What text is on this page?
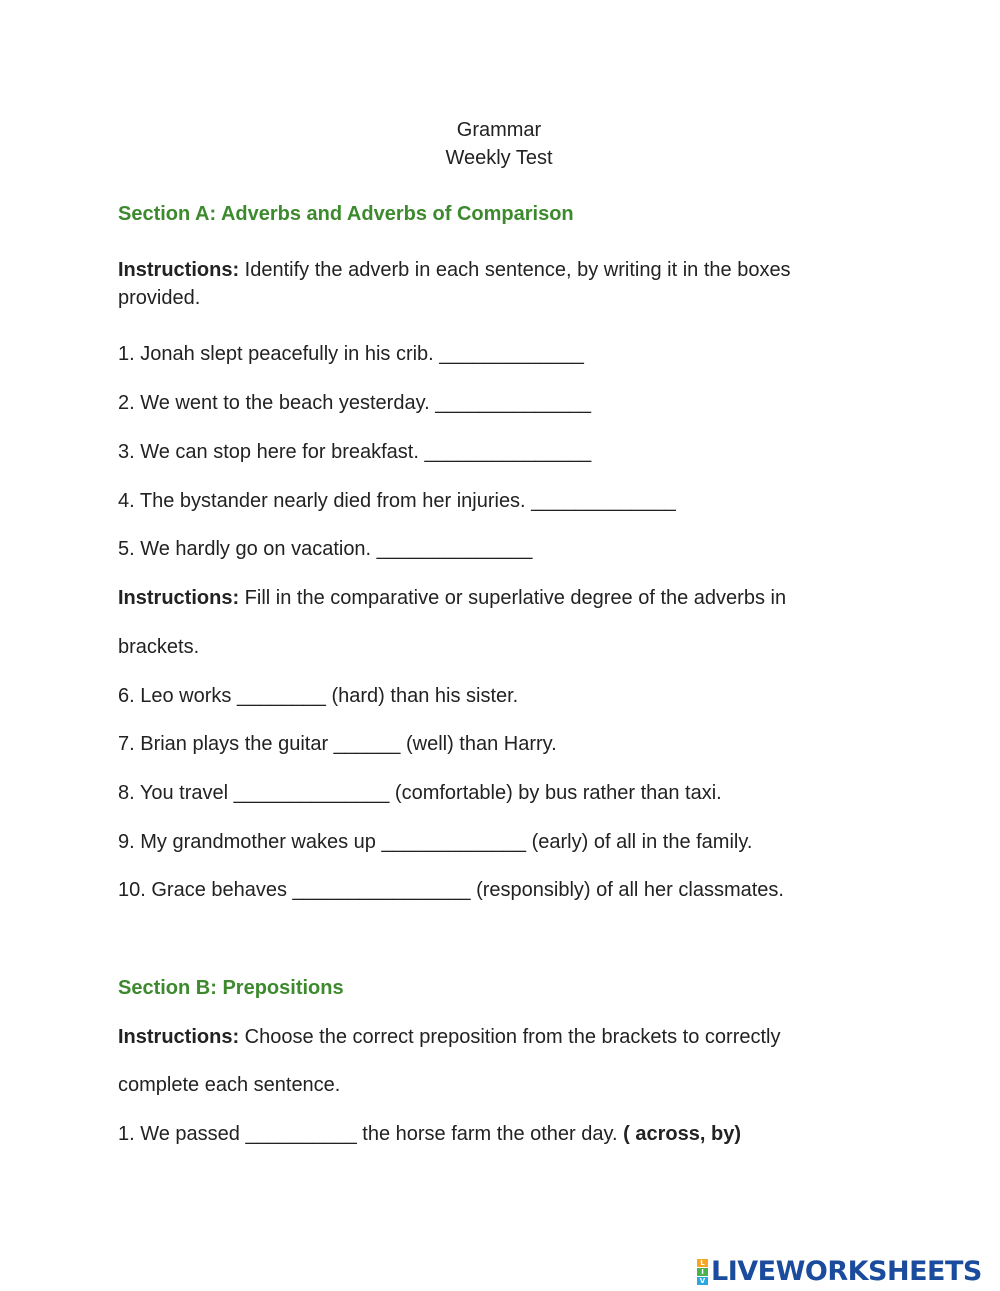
Grammar
Weekly Test
Section A: Adverbs and Adverbs of Comparison
Instructions: Identify the adverb in each sentence, by writing it in the boxes provided.
1. Jonah slept peacefully in his crib. _____________
2. We went to the beach yesterday. ______________
3. We can stop here for breakfast. _______________
4. The bystander nearly died from her injuries. _____________
5. We hardly go on vacation. ______________
Instructions: Fill in the comparative or superlative degree of the adverbs in
brackets.
6. Leo works ________ (hard) than his sister.
7. Brian plays the guitar ______ (well) than Harry.
8. You travel ______________ (comfortable) by bus rather than taxi.
9. My grandmother wakes up _____________ (early) of all in the family.
10. Grace behaves ________________ (responsibly) of all her classmates.
Section B: Prepositions
Instructions: Choose the correct preposition from the brackets to correctly
complete each sentence.
1. We passed __________ the horse farm the other day. ( across, by)
L
I
V LIVEWORKSHEETS
